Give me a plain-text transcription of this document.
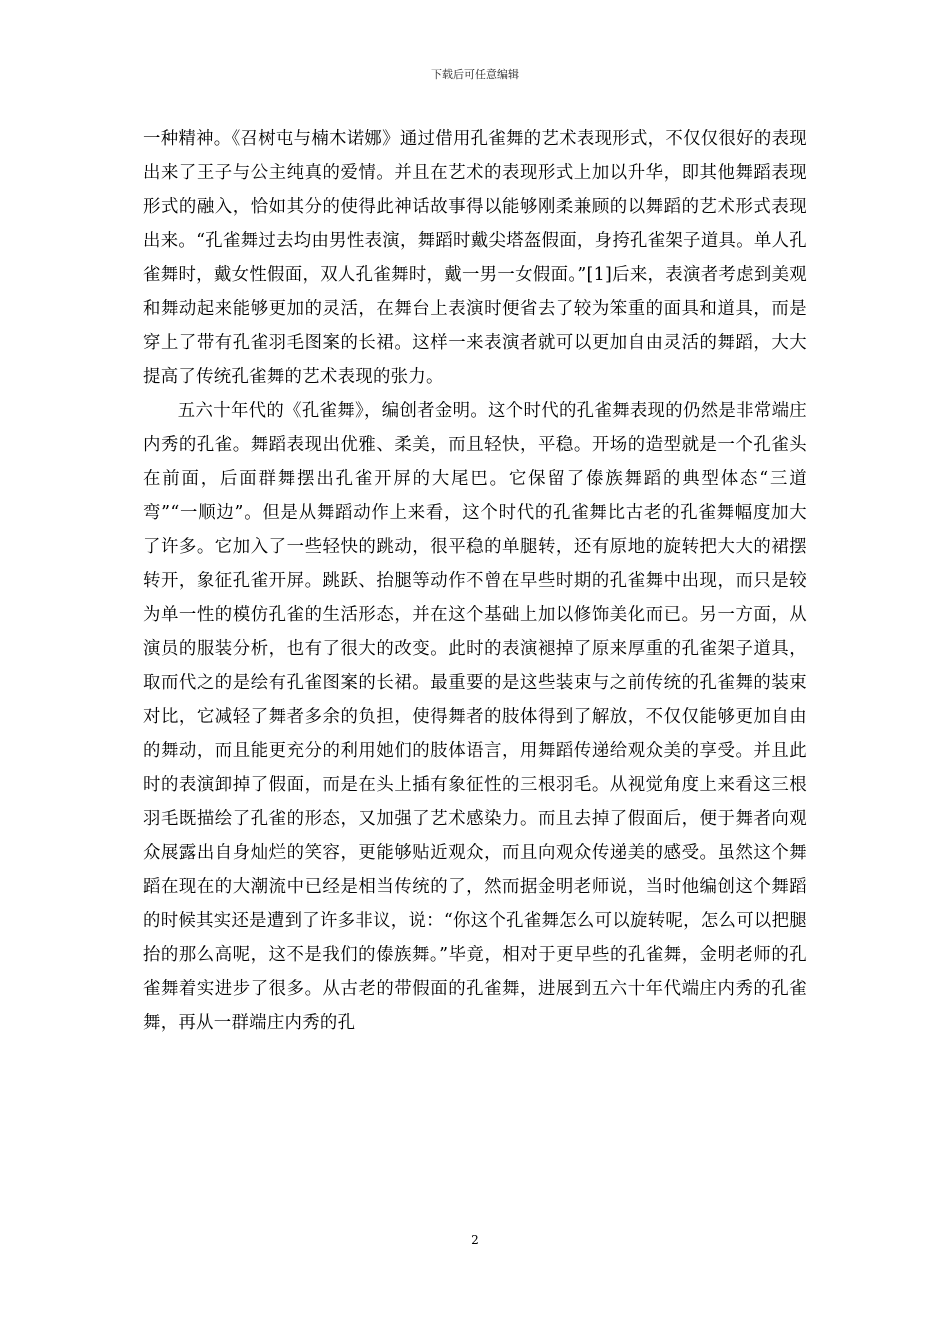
下载后可任意编辑

一种精神。《召树屯与楠木诺娜》通过借用孔雀舞的艺术表现形式，不仅仅很好的表现出来了王子与公主纯真的爱情。并且在艺术的表现形式上加以升华，即其他舞蹈表现形式的融入，恰如其分的使得此神话故事得以能够刚柔兼顾的以舞蹈的艺术形式表现出来。“孔雀舞过去均由男性表演，舞蹈时戴尖塔盔假面，身挎孔雀架子道具。单人孔雀舞时，戴女性假面，双人孔雀舞时，戴一男一女假面。”[1]后来，表演者考虑到美观和舞动起来能够更加的灵活，在舞台上表演时便省去了较为笨重的面具和道具，而是穿上了带有孔雀羽毛图案的长裙。这样一来表演者就可以更加自由灵活的舞蹈，大大提高了传统孔雀舞的艺术表现的张力。

五六十年代的《孔雀舞》，编创者金明。这个时代的孔雀舞表现的仍然是非常端庄内秀的孔雀。舞蹈表现出优雅、柔美，而且轻快，平稳。开场的造型就是一个孔雀头在前面，后面群舞摆出孔雀开屏的大尾巴。它保留了傣族舞蹈的典型体态“三道弯”“一顺边”。但是从舞蹈动作上来看，这个时代的孔雀舞比古老的孔雀舞幅度加大了许多。它加入了一些轻快的跳动，很平稳的单腿转，还有原地的旋转把大大的裙摆转开，象征孔雀开屏。跳跃、抬腿等动作不曾在早些时期的孔雀舞中出现，而只是较为单一性的模仿孔雀的生活形态，并在这个基础上加以修饰美化而已。另一方面，从演员的服装分析，也有了很大的改变。此时的表演褪掉了原来厚重的孔雀架子道具，取而代之的是绘有孔雀图案的长裙。最重要的是这些装束与之前传统的孔雀舞的装束对比，它减轻了舞者多余的负担，使得舞者的肢体得到了解放，不仅仅能够更加自由的舞动，而且能更充分的利用她们的肢体语言，用舞蹈传递给观众美的享受。并且此时的表演卸掉了假面，而是在头上插有象征性的三根羽毛。从视觉角度上来看这三根羽毛既描绘了孔雀的形态，又加强了艺术感染力。而且去掉了假面后，便于舞者向观众展露出自身灿烂的笑容，更能够贴近观众，而且向观众传递美的感受。虽然这个舞蹈在现在的大潮流中已经是相当传统的了，然而据金明老师说，当时他编创这个舞蹈的时候其实还是遭到了许多非议，说：“你这个孔雀舞怎么可以旋转呢，怎么可以把腿抬的那么高呢，这不是我们的傣族舞。”毕竟，相对于更早些的孔雀舞，金明老师的孔雀舞着实进步了很多。从古老的带假面的孔雀舞，进展到五六十年代端庄内秀的孔雀舞，再从一群端庄内秀的孔

2
